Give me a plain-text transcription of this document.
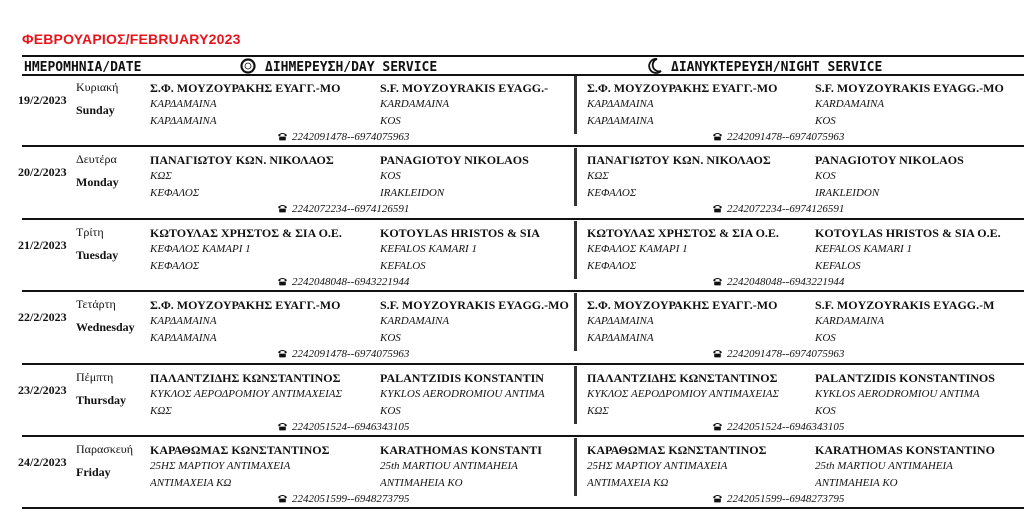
ΦΕΒΡΟΥΑΡΙΟΣ/FEBRUARY2023
ΗΜΕΡΟΜΗΝΙΑ/DATE	ΔΙΗΜΕΡΕΥΣΗ/DAY SERVICE	ΔΙΑΝΥΚΤΕΡΕΥΣΗ/NIGHT SERVICE
19/2/2023
Κυριακή
Sunday
Σ.Φ. ΜΟΥΖΟΥΡΑΚΗΣ ΕΥΑΓΓ.-ΜΟ
ΚΑΡΔΑΜΑΙΝΑ
ΚΑΡΔΑΜΑΙΝΑ
S.F. MOYZOYRAKIS EYAGG.-
KARDAMAINA
KOS
2242091478--6974075963
Σ.Φ. ΜΟΥΖΟΥΡΑΚΗΣ ΕΥΑΓΓ.-ΜΟ
ΚΑΡΔΑΜΑΙΝΑ
ΚΑΡΔΑΜΑΙΝΑ
S.F. MOYZOYRAKIS EYAGG.-MO
KARDAMAINA
KOS
2242091478--6974075963
20/2/2023
Δευτέρα
Monday
ΠΑΝΑΓΙΩΤΟΥ ΚΩΝ. ΝΙΚΟΛΑΟΣ
ΚΩΣ
ΚΕΦΑΛΟΣ
PANAGIOTOY NIKOLAOS
KOS
IRAKLEIDON
2242072234--6974126591
ΠΑΝΑΓΙΩΤΟΥ ΚΩΝ. ΝΙΚΟΛΑΟΣ
ΚΩΣ
ΚΕΦΑΛΟΣ
PANAGIOTOY NIKOLAOS
KOS
IRAKLEIDON
2242072234--6974126591
21/2/2023
Τρίτη
Tuesday
ΚΩΤΟΥΛΑΣ ΧΡΗΣΤΟΣ & ΣΙΑ Ο.Ε.
ΚΕΦΑΛΟΣ ΚΑΜΑΡΙ 1
ΚΕΦΑΛΟΣ
KOTOYLAS HRISTOS & SIA
KEFALOS KAMARI 1
KEFALOS
2242048048--6943221944
ΚΩΤΟΥΛΑΣ ΧΡΗΣΤΟΣ & ΣΙΑ Ο.Ε.
ΚΕΦΑΛΟΣ ΚΑΜΑΡΙ 1
ΚΕΦΑΛΟΣ
KOTOYLAS HRISTOS & SIA O.E.
KEFALOS KAMARI 1
KEFALOS
2242048048--6943221944
22/2/2023
Τετάρτη
Wednesday
Σ.Φ. ΜΟΥΖΟΥΡΑΚΗΣ ΕΥΑΓΓ.-ΜΟ
ΚΑΡΔΑΜΑΙΝΑ
ΚΑΡΔΑΜΑΙΝΑ
S.F. MOYZOYRAKIS EYAGG.-MO
KARDAMAINA
KOS
2242091478--6974075963
Σ.Φ. ΜΟΥΖΟΥΡΑΚΗΣ ΕΥΑΓΓ.-ΜΟ
ΚΑΡΔΑΜΑΙΝΑ
ΚΑΡΔΑΜΑΙΝΑ
S.F. MOYZOYRAKIS EYAGG.-M
KARDAMAINA
KOS
2242091478--6974075963
23/2/2023
Πέμπτη
Thursday
ΠΑΛΑΝΤΖΙΔΗΣ ΚΩΝΣΤΑΝΤΙΝΟΣ
ΚΥΚΛΟΣ ΑΕΡΟΔΡΟΜΙΟΥ ΑΝΤΙΜΑΧΕΙΑΣ
ΚΩΣ
PALANTZIDIS KONSTANTIN
KYKLOS AERODROMIOU ANTIMA
KOS
2242051524--6946343105
ΠΑΛΑΝΤΖΙΔΗΣ ΚΩΝΣΤΑΝΤΙΝΟΣ
ΚΥΚΛΟΣ ΑΕΡΟΔΡΟΜΙΟΥ ΑΝΤΙΜΑΧΕΙΑΣ
ΚΩΣ
PALANTZIDIS KONSTANTINOS
KYKLOS AERODROMIOU ANTIMA
KOS
2242051524--6946343105
24/2/2023
Παρασκευή
Friday
ΚΑΡΑΘΩΜΑΣ ΚΩΝΣΤΑΝΤΙΝΟΣ
25ΗΣ ΜΑΡΤΙΟΥ ΑΝΤΙΜΑΧΕΙΑ
ΑΝΤΙΜΑΧΕΙΑ ΚΩ
KARATHOMAS KONSTANTI
25th MARTIOU ANTIMAHEIA
ANTIMAHEIA KO
2242051599--6948273795
ΚΑΡΑΘΩΜΑΣ ΚΩΝΣΤΑΝΤΙΝΟΣ
25ΗΣ ΜΑΡΤΙΟΥ ΑΝΤΙΜΑΧΕΙΑ
ΑΝΤΙΜΑΧΕΙΑ ΚΩ
KARATHOMAS KONSTANTINO
25th MARTIOU ANTIMAHEIA
ANTIMAHEIA KO
2242051599--6948273795
